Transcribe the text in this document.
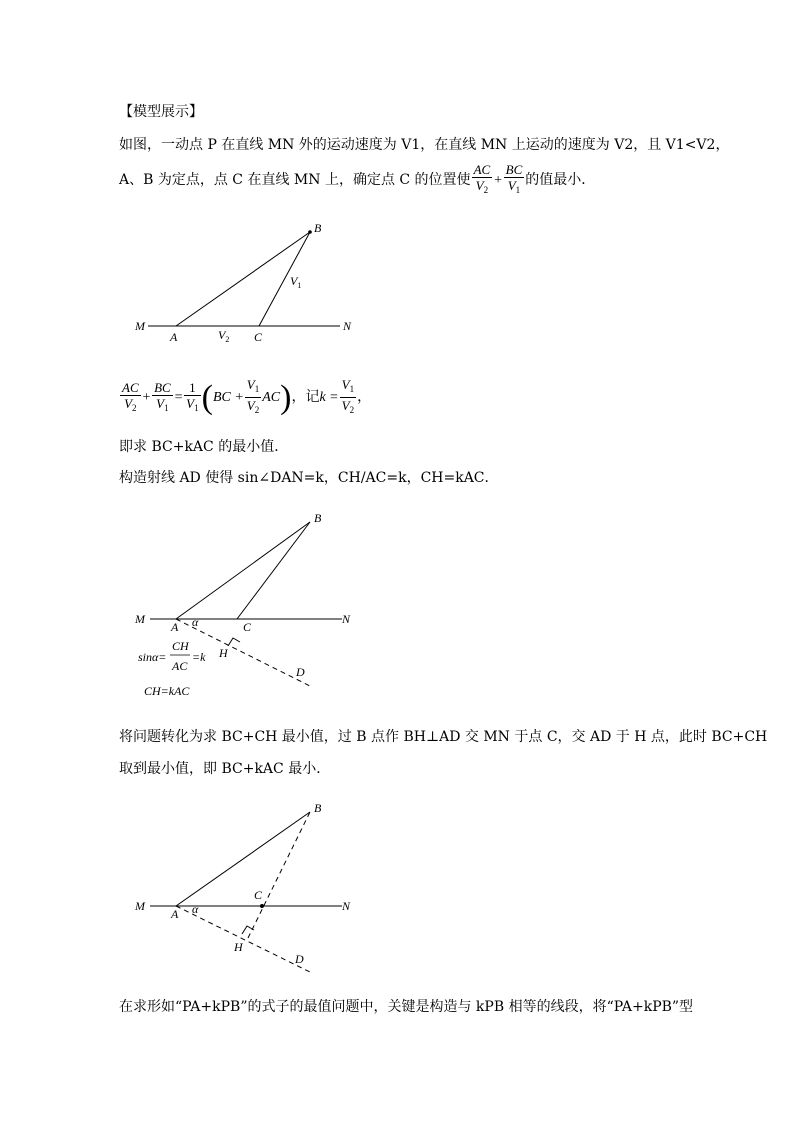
【模型展示】
如图，一动点 P 在直线 MN 外的运动速度为 V1，在直线 MN 上运动的速度为 V2，且 V1<V2，
A、B 为定点，点 C 在直线 MN 上，确定点 C 的位置使 $\frac{AC}{V_2} + \frac{BC}{V_1}$ 的值最小．
B
M
A	$V_2$ C
N
$V_1$
$\frac{AC}{V_2} + \frac{BC}{V_1} = \frac{1}{V_1} (BC + \frac{V_1}{V_2} AC)$，记$k = \frac{V_1}{V_2}$ ，
即求 BC+kAC 的最小值．
构造射线 AD 使得 sin∠DAN=k，CH/AC=k，CH=kAC．
B
M
A α	C
N
H
D
sinα=
CH
AC
=k
CH=kAC
将问题转化为求 BC+CH 最小值，过 B 点作 BH⊥AD 交 MN 于点 C，交 AD 于 H 点，此时 BC+CH
取到最小值，即 BC+kAC 最小．
B
M
A α
C
N
H
D
在求形如“PA+kPB”的式子的最值问题中，关键是构造与 kPB 相等的线段，将“PA+kPB”型
